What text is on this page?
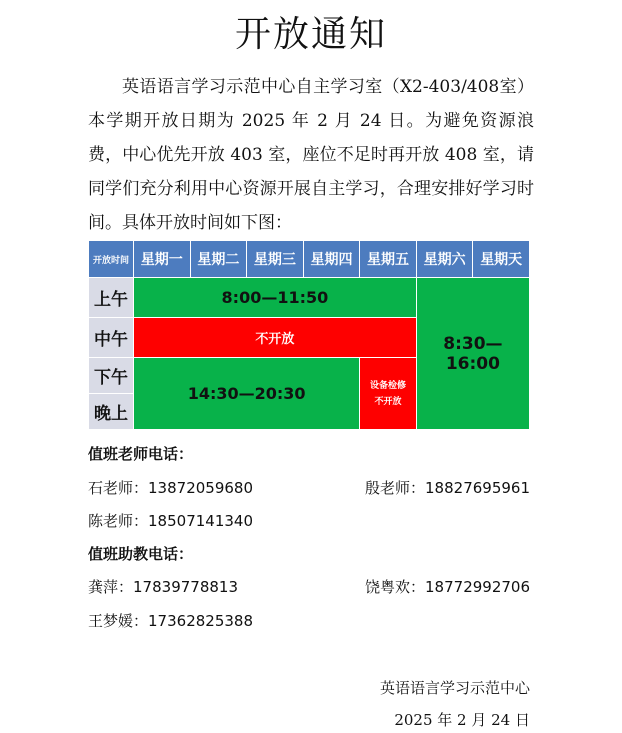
开放通知
英语语言学习示范中心自主学习室（X2-403/408室）本学期开放日期为 2025 年 2 月 24 日。为避免资源浪费，中心优先开放 403 室，座位不足时再开放 408 室，请同学们充分利用中心资源开展自主学习，合理安排好学习时间。具体开放时间如下图：
开放时间	星期一	星期二	星期三	星期四	星期五	星期六	星期天
上午	8:00—11:50					8:30—16:00	
中午	不开放						
下午	14:30—20:30				设备检修
不开放		

晚上							
值班老师电话：
石老师：13872059680	殷老师：18827695961
陈老师：18507141340
值班助教电话：
龚萍：17839778813	饶粤欢：18772992706
王梦媛：17362825388
英语语言学习示范中心
2025 年 2 月 24 日
